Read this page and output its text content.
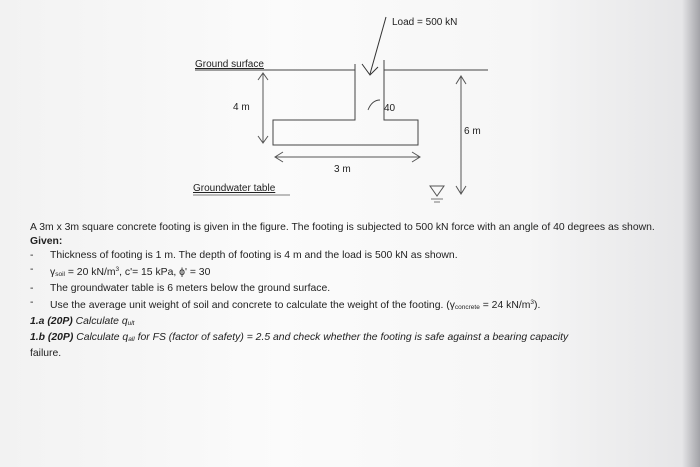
Load = 500 kN
Ground surface
40
4 m
3 m
6 m
Groundwater table
A 3m x 3m square concrete footing is given in the figure. The footing is subjected to 500 kN force with an angle of 40 degrees as shown.
Given:
- Thickness of footing is 1 m. The depth of footing is 4 m and the load is 500 kN as shown.
- $\gamma_{soil} = 20$ $kN/m^3$, c'= 15 kPa, ϕ' = 30
- The groundwater table is 6 meters below the ground surface.
- Use the average unit weight of soil and concrete to calculate the weight of the footing. ($\gamma_{concrete} = 24$ $kN/m^3$).
1.a (20P) Calculate $q_{ult}$
1.b (20P) Calculate $q_{all}$ for FS (factor of safety) = 2.5 and check whether the footing is safe against a bearing capacity
failure.
